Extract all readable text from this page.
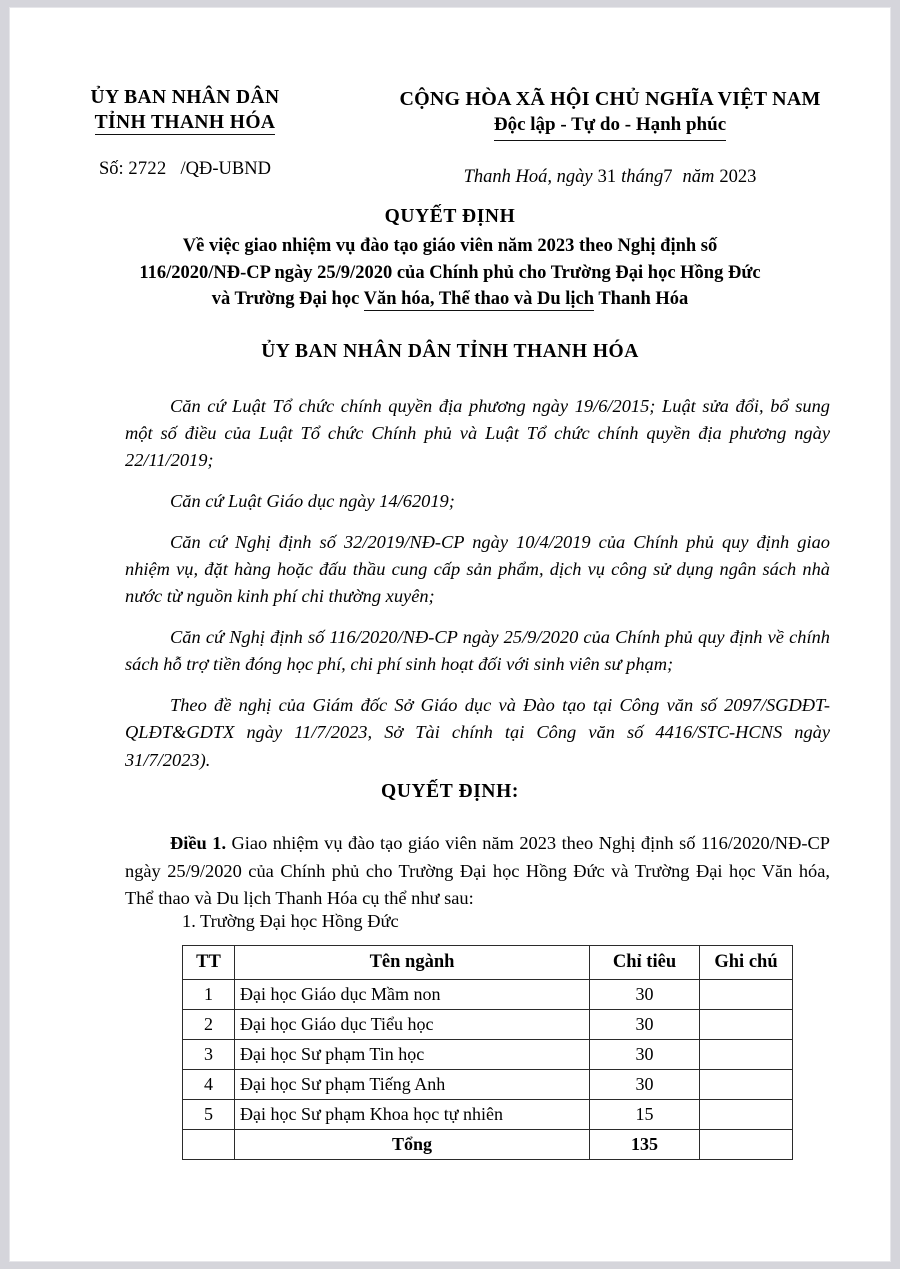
ỦY BAN NHÂN DÂN
TỈNH THANH HÓA
Số: 2722 /QĐ-UBND
CỘNG HÒA XÃ HỘI CHỦ NGHĨA VIỆT NAM
Độc lập - Tự do - Hạnh phúc
Thanh Hoá, ngày 31 tháng7 năm 2023
QUYẾT ĐỊNH
Về việc giao nhiệm vụ đào tạo giáo viên năm 2023 theo Nghị định số
116/2020/NĐ-CP ngày 25/9/2020 của Chính phủ cho Trường Đại học Hồng Đức
và Trường Đại học Văn hóa, Thể thao và Du lịch Thanh Hóa
ỦY BAN NHÂN DÂN TỈNH THANH HÓA

Căn cứ Luật Tổ chức chính quyền địa phương ngày 19/6/2015; Luật sửa đổi, bổ sung một số điều của Luật Tổ chức Chính phủ và Luật Tổ chức chính quyền địa phương ngày 22/11/2019;

Căn cứ Luật Giáo dục ngày 14/62019;

Căn cứ Nghị định số 32/2019/NĐ-CP ngày 10/4/2019 của Chính phủ quy định giao nhiệm vụ, đặt hàng hoặc đấu thầu cung cấp sản phẩm, dịch vụ công sử dụng ngân sách nhà nước từ nguồn kinh phí chi thường xuyên;

Căn cứ Nghị định số 116/2020/NĐ-CP ngày 25/9/2020 của Chính phủ quy định về chính sách hỗ trợ tiền đóng học phí, chi phí sinh hoạt đối với sinh viên sư phạm;

Theo đề nghị của Giám đốc Sở Giáo dục và Đào tạo tại Công văn số 2097/SGDĐT-QLĐT&GDTX ngày 11/7/2023, Sở Tài chính tại Công văn số 4416/STC-HCNS ngày 31/7/2023).

QUYẾT ĐỊNH:

Điều 1. Giao nhiệm vụ đào tạo giáo viên năm 2023 theo Nghị định số 116/2020/NĐ-CP ngày 25/9/2020 của Chính phủ cho Trường Đại học Hồng Đức và Trường Đại học Văn hóa, Thể thao và Du lịch Thanh Hóa cụ thể như sau:

1. Trường Đại học Hồng Đức
TT	Tên ngành	Chỉ tiêu	Ghi chú
1	Đại học Giáo dục Mầm non	30	
2	Đại học Giáo dục Tiểu học	30	
3	Đại học Sư phạm Tin học	30	
4	Đại học Sư phạm Tiếng Anh	30	
5	Đại học Sư phạm Khoa học tự nhiên	15	
	Tổng	135	
